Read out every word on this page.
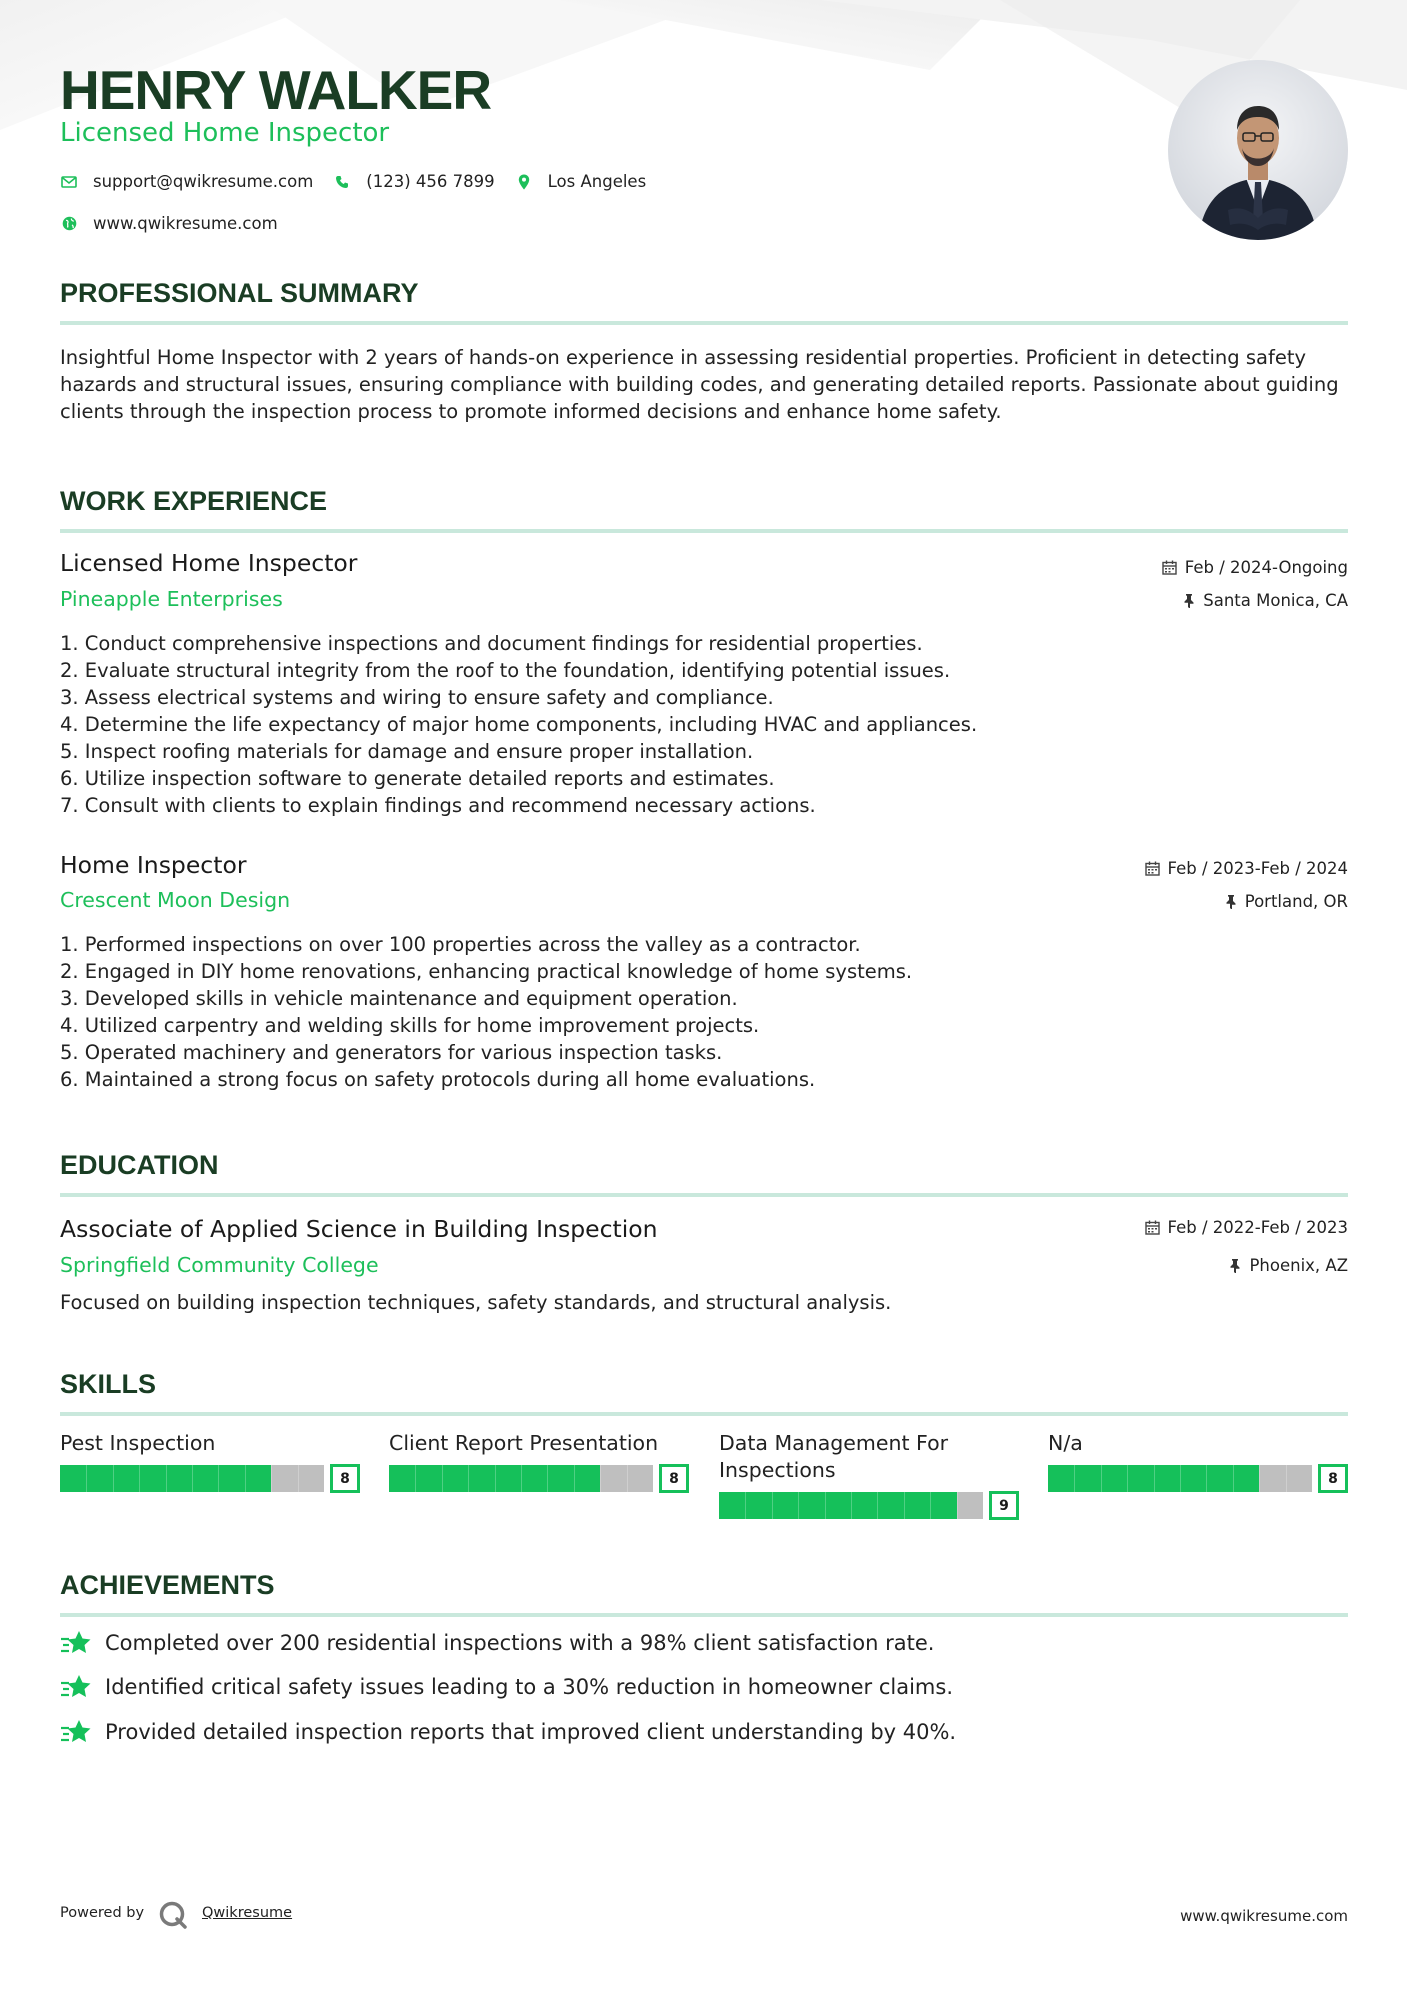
HENRY WALKER
Licensed Home Inspector
support@qwikresume.com	(123) 456 7899	Los Angeles
www.qwikresume.com
PROFESSIONAL SUMMARY
Insightful Home Inspector with 2 years of hands-on experience in assessing residential properties. Proficient in detecting safety hazards and structural issues, ensuring compliance with building codes, and generating detailed reports. Passionate about guiding clients through the inspection process to promote informed decisions and enhance home safety.
WORK EXPERIENCE
Licensed Home Inspector
Pineapple Enterprises
Feb / 2024-Ongoing
Santa Monica, CA
1. Conduct comprehensive inspections and document findings for residential properties.
2. Evaluate structural integrity from the roof to the foundation, identifying potential issues.
3. Assess electrical systems and wiring to ensure safety and compliance.
4. Determine the life expectancy of major home components, including HVAC and appliances.
5. Inspect roofing materials for damage and ensure proper installation.
6. Utilize inspection software to generate detailed reports and estimates.
7. Consult with clients to explain findings and recommend necessary actions.
Home Inspector
Crescent Moon Design
Feb / 2023-Feb / 2024
Portland, OR
1. Performed inspections on over 100 properties across the valley as a contractor.
2. Engaged in DIY home renovations, enhancing practical knowledge of home systems.
3. Developed skills in vehicle maintenance and equipment operation.
4. Utilized carpentry and welding skills for home improvement projects.
5. Operated machinery and generators for various inspection tasks.
6. Maintained a strong focus on safety protocols during all home evaluations.
EDUCATION
Associate of Applied Science in Building Inspection
Springfield Community College
Feb / 2022-Feb / 2023
Phoenix, AZ
Focused on building inspection techniques, safety standards, and structural analysis.
SKILLS
Pest Inspection
8
Client Report Presentation
8
Data Management For Inspections
9
N/a
8
ACHIEVEMENTS
Completed over 200 residential inspections with a 98% client satisfaction rate.
Identified critical safety issues leading to a 30% reduction in homeowner claims.
Provided detailed inspection reports that improved client understanding by 40%.
Powered by	Qwikresume	www.qwikresume.com
